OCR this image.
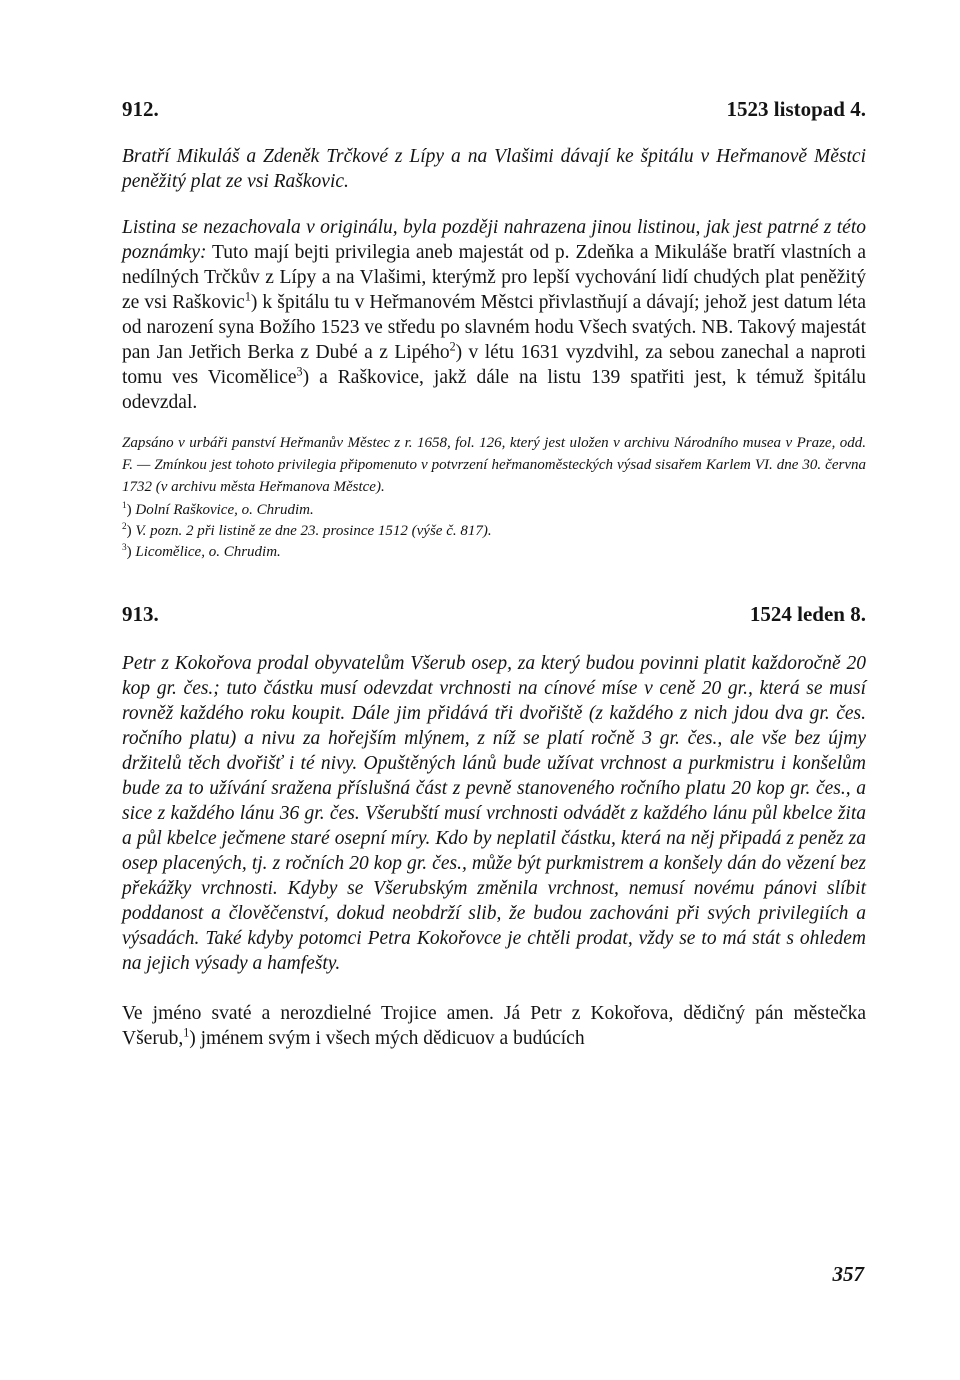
912.	1523 listopad 4.

Bratří Mikuláš a Zdeněk Trčkové z Lípy a na Vlašimi dávají ke špitálu v Heřmanově Městci peněžitý plat ze vsi Raškovic.

Listina se nezachovala v originálu, byla později nahrazena jinou listinou, jak jest patrné z této poznámky: Tuto mají bejti privilegia aneb majestát od p. Zdeňka a Mikuláše bratří vlastních a nedílných Trčkův z Lípy a na Vlašimi, kterýmž pro lepší vychování lidí chudých plat peněžitý ze vsi Raškovic$^1$) k špitálu tu v Heřmanovém Městci přivlastňují a dávají; jehož jest datum léta od narození syna Božího 1523 ve středu po slavném hodu Všech svatých. NB. Takový majestát pan Jan Jetřich Berka z Dubé a z Lipého$^2$) v létu 1631 vyzdvihl, za sebou zanechal a naproti tomu ves Vicomělice$^3$) a Raškovice, jakž dále na listu 139 spatřiti jest, k témuž špitálu odevzdal.

Zapsáno v urbáři panství Heřmanův Městec z r. 1658, fol. 126, který jest uložen v archivu Národního musea v Praze, odd. F. — Zmínkou jest tohoto privilegia připomenuto v potvrzení heřmanoměsteckých výsad sisařem Karlem VI. dne 30. června 1732 (v archivu města Heřmanova Městce).

$^1$) Dolní Raškovice, o. Chrudim.

$^2$) V. pozn. 2 při listině ze dne 23. prosince 1512 (výše č. 817).

$^3$) Licomělice, o. Chrudim.

913.	1524 leden 8.

Petr z Kokořova prodal obyvatelům Všerub osep, za který budou povinni platit každoročně 20 kop gr. čes.; tuto částku musí odevzdat vrchnosti na cínové míse v ceně 20 gr., která se musí rovněž každého roku koupit. Dále jim přidává tři dvořiště (z každého z nich jdou dva gr. čes. ročního platu) a nivu za hořejším mlýnem, z níž se platí ročně 3 gr. čes., ale vše bez újmy držitelů těch dvořišť i té nivy. Opuštěných lánů bude užívat vrchnost a purkmistru i konšelům bude za to užívání sražena příslušná část z pevně stanoveného ročního platu 20 kop gr. čes., a sice z každého lánu 36 gr. čes. Všerubští musí vrchnosti odvádět z každého lánu půl kbelce žita a půl kbelce ječmene staré osepní míry. Kdo by neplatil částku, která na něj připadá z peněz za osep placených, tj. z ročních 20 kop gr. čes., může být purkmistrem a konšely dán do vězení bez překážky vrchnosti. Kdyby se Všerubským změnila vrchnost, nemusí novému pánovi slíbit poddanost a člověčenství, dokud neobdrží slib, že budou zachováni při svých privilegiích a výsadách. Také kdyby potomci Petra Kokořovce je chtěli prodat, vždy se to má stát s ohledem na jejich výsady a hamfešty.

Ve jméno svaté a nerozdielné Trojice amen. Já Petr z Kokořova, dědičný pán městečka Všerub,$^1$) jménem svým i všech mých dědicuov a budúcích

357
